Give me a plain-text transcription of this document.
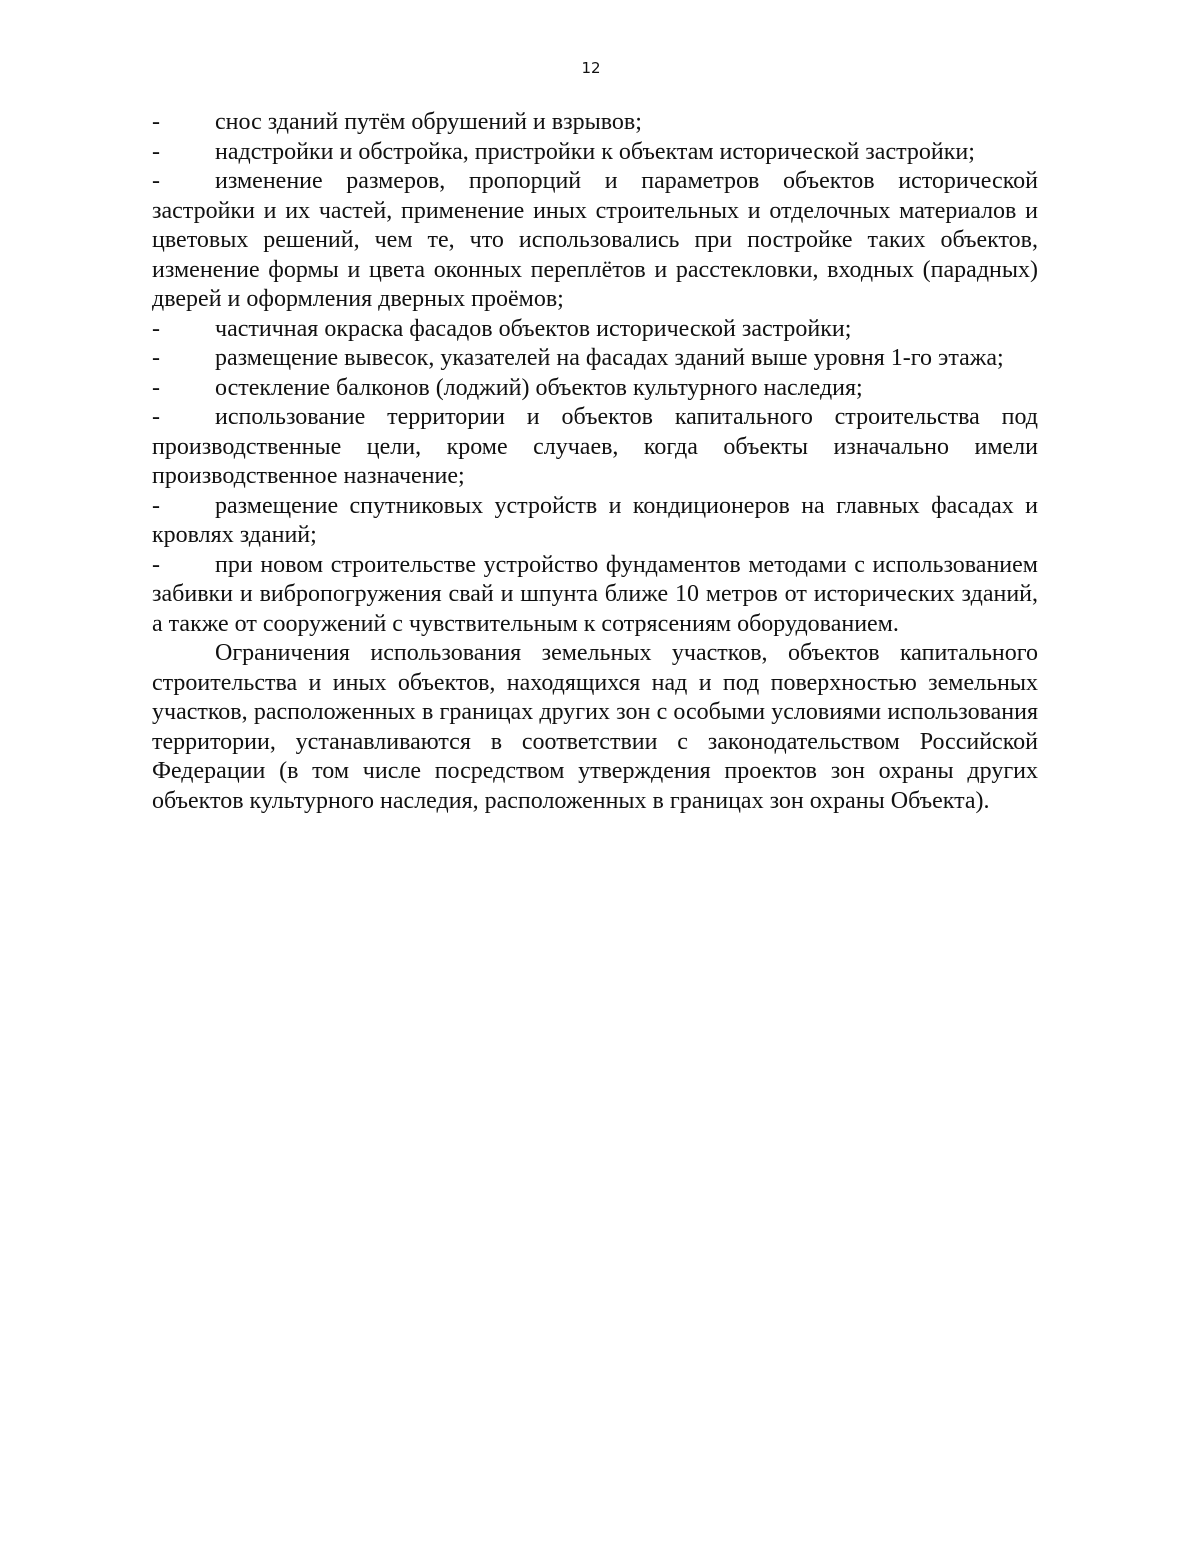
12

- снос зданий путём обрушений и взрывов;

- надстройки и обстройка, пристройки к объектам исторической застройки;

- изменение размеров, пропорций и параметров объектов исторической застройки и их частей, применение иных строительных и отделочных материалов и цветовых решений, чем те, что использовались при постройке таких объектов, изменение формы и цвета оконных переплётов и расстекловки, входных (парадных) дверей и оформления дверных проёмов;

- частичная окраска фасадов объектов исторической застройки;

- размещение вывесок, указателей на фасадах зданий выше уровня 1-го этажа;

- остекление балконов (лоджий) объектов культурного наследия;

- использование территории и объектов капитального строительства под производственные цели, кроме случаев, когда объекты изначально имели производственное назначение;

- размещение спутниковых устройств и кондиционеров на главных фасадах и кровлях зданий;

- при новом строительстве устройство фундаментов методами с использованием забивки и вибропогружения свай и шпунта ближе 10 метров от исторических зданий, а также от сооружений с чувствительным к сотрясениям оборудованием.

Ограничения использования земельных участков, объектов капитального строительства и иных объектов, находящихся над и под поверхностью земельных участков, расположенных в границах других зон с особыми условиями использования территории, устанавливаются в соответствии с законодательством Российской Федерации (в том числе посредством утверждения проектов зон охраны других объектов культурного наследия, расположенных в границах зон охраны Объекта).
